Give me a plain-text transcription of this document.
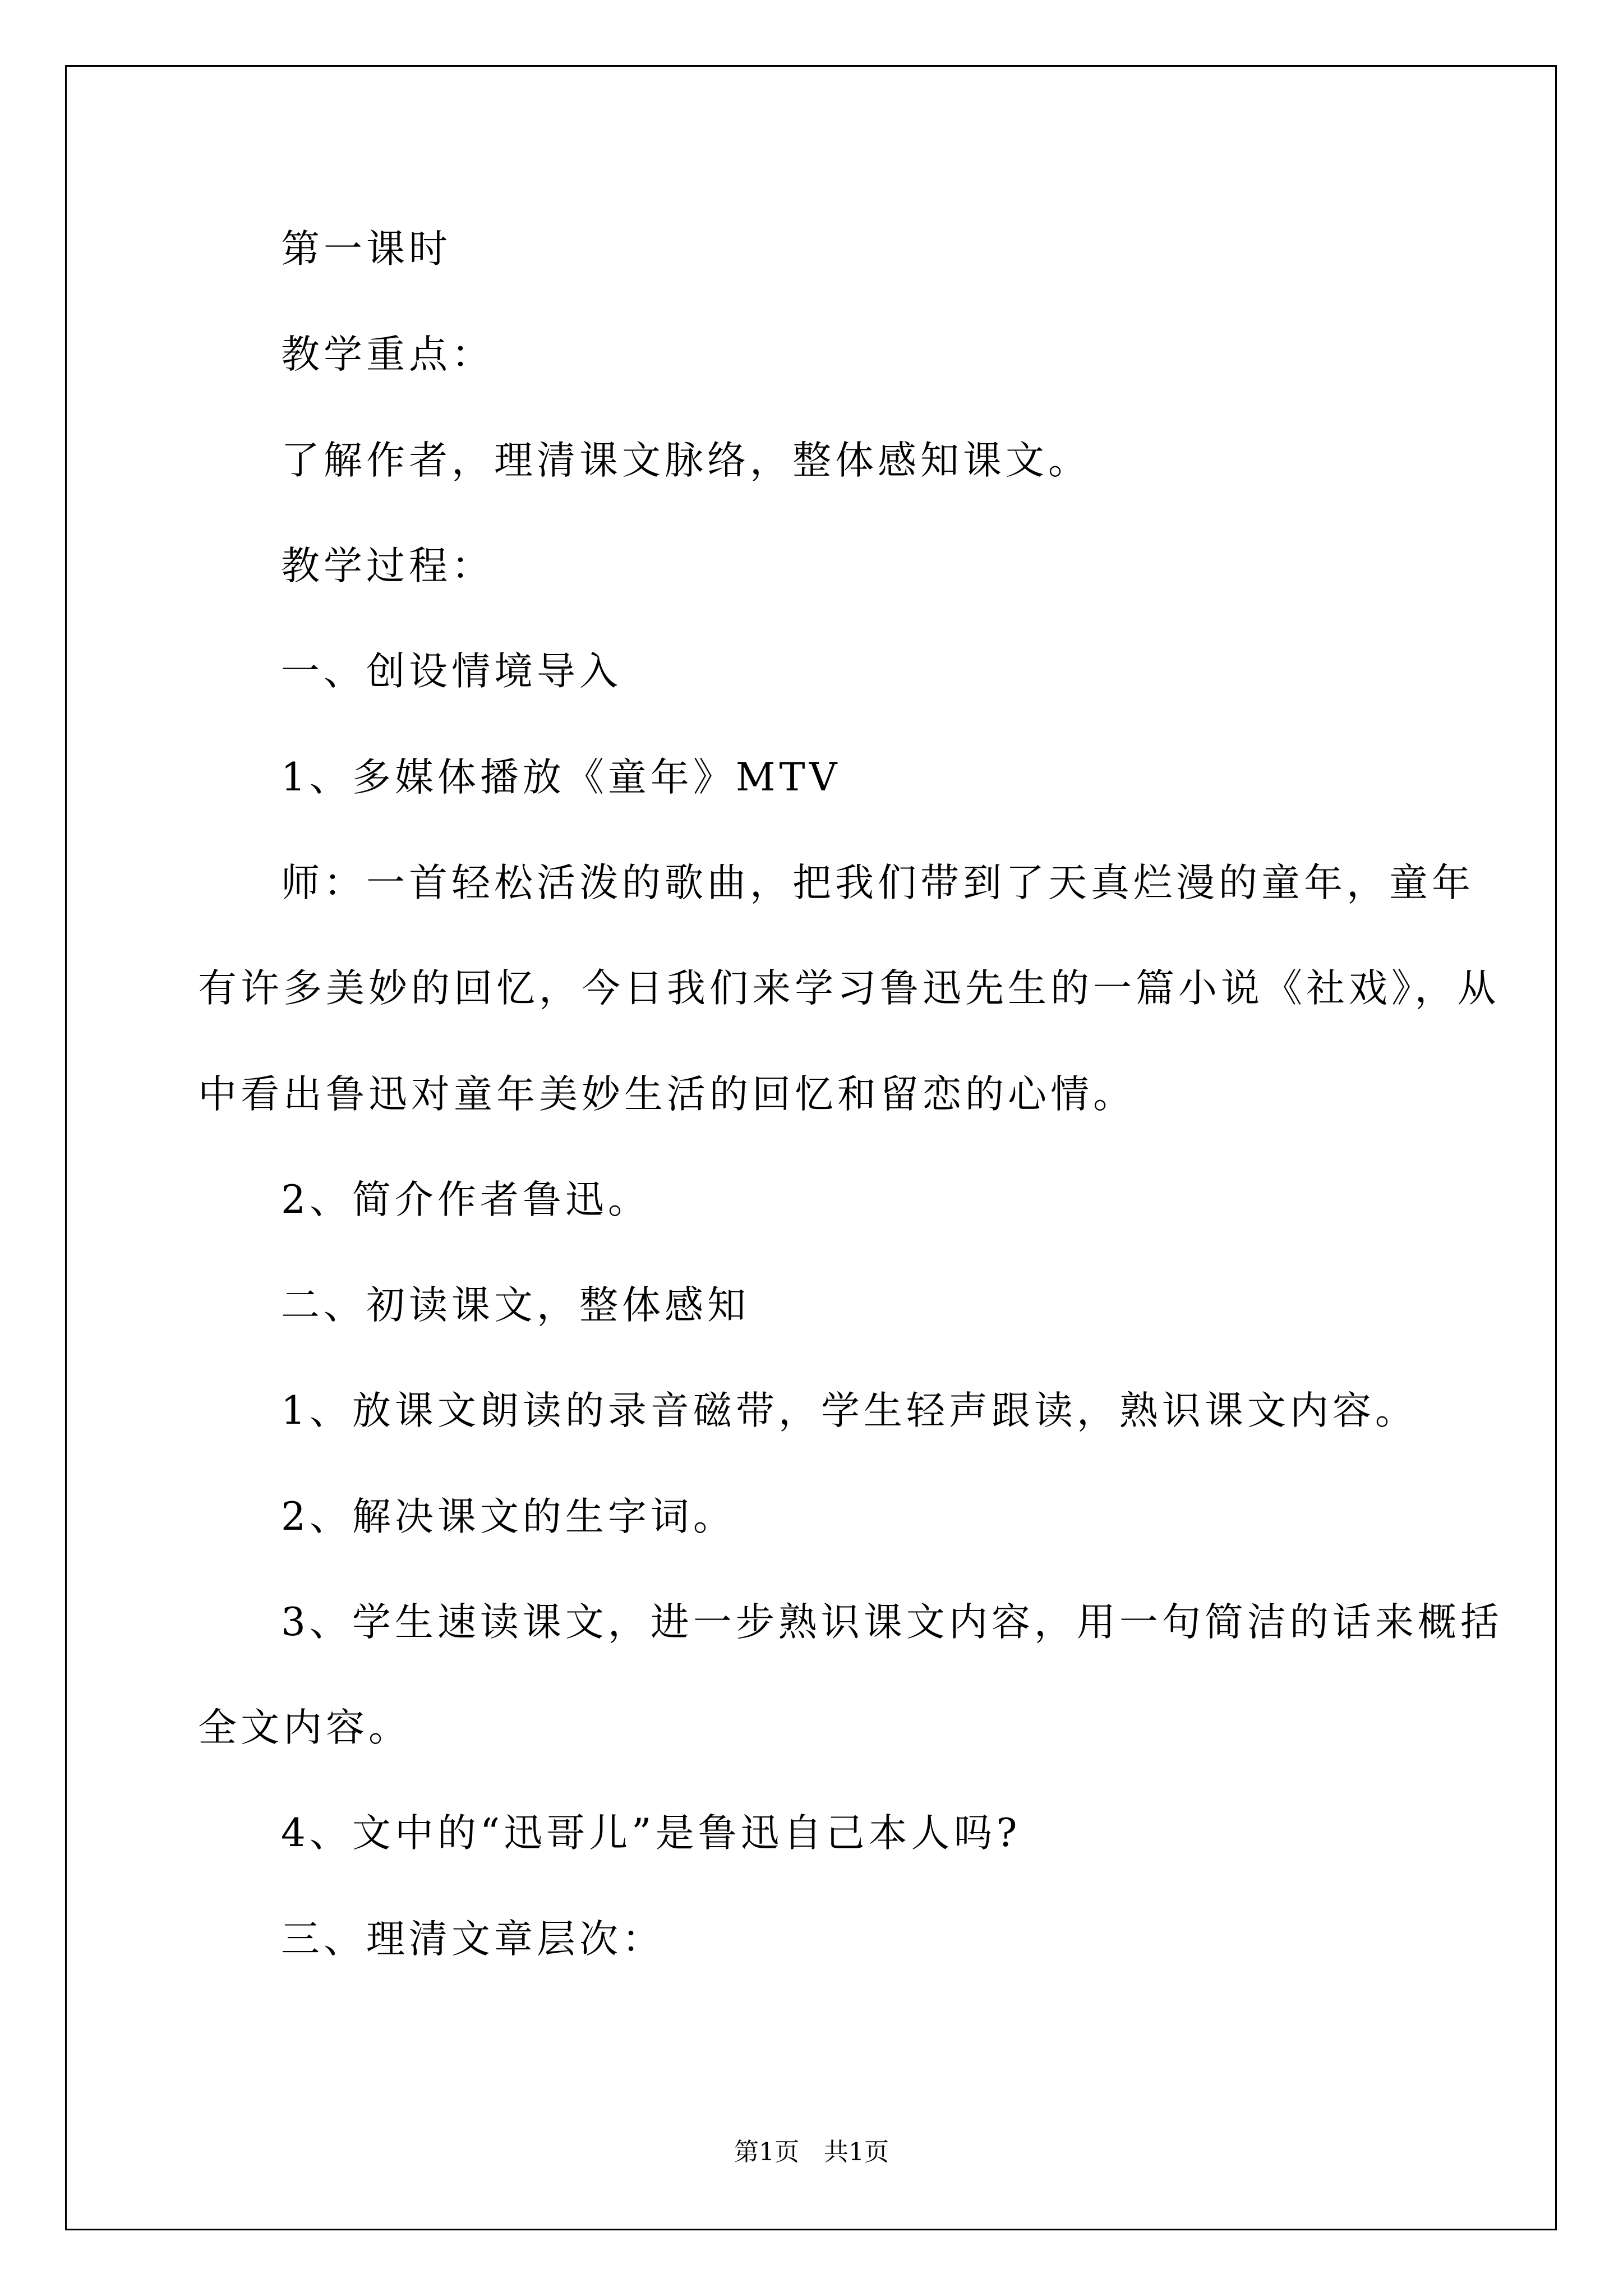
第一课时
教学重点：
了解作者，理清课文脉络，整体感知课文。
教学过程：
一、创设情境导入
1、多媒体播放《童年》MTV
师：一首轻松活泼的歌曲，把我们带到了天真烂漫的童年，童年
有许多美妙的回忆，今日我们来学习鲁迅先生的一篇小说《社戏》，从
中看出鲁迅对童年美妙生活的回忆和留恋的心情。
2、简介作者鲁迅。
二、初读课文，整体感知
1、放课文朗读的录音磁带，学生轻声跟读，熟识课文内容。
2、解决课文的生字词。
3、学生速读课文，进一步熟识课文内容，用一句简洁的话来概括
全文内容。
4、文中的“迅哥儿”是鲁迅自己本人吗?
三、理清文章层次：
第1页　共1页
